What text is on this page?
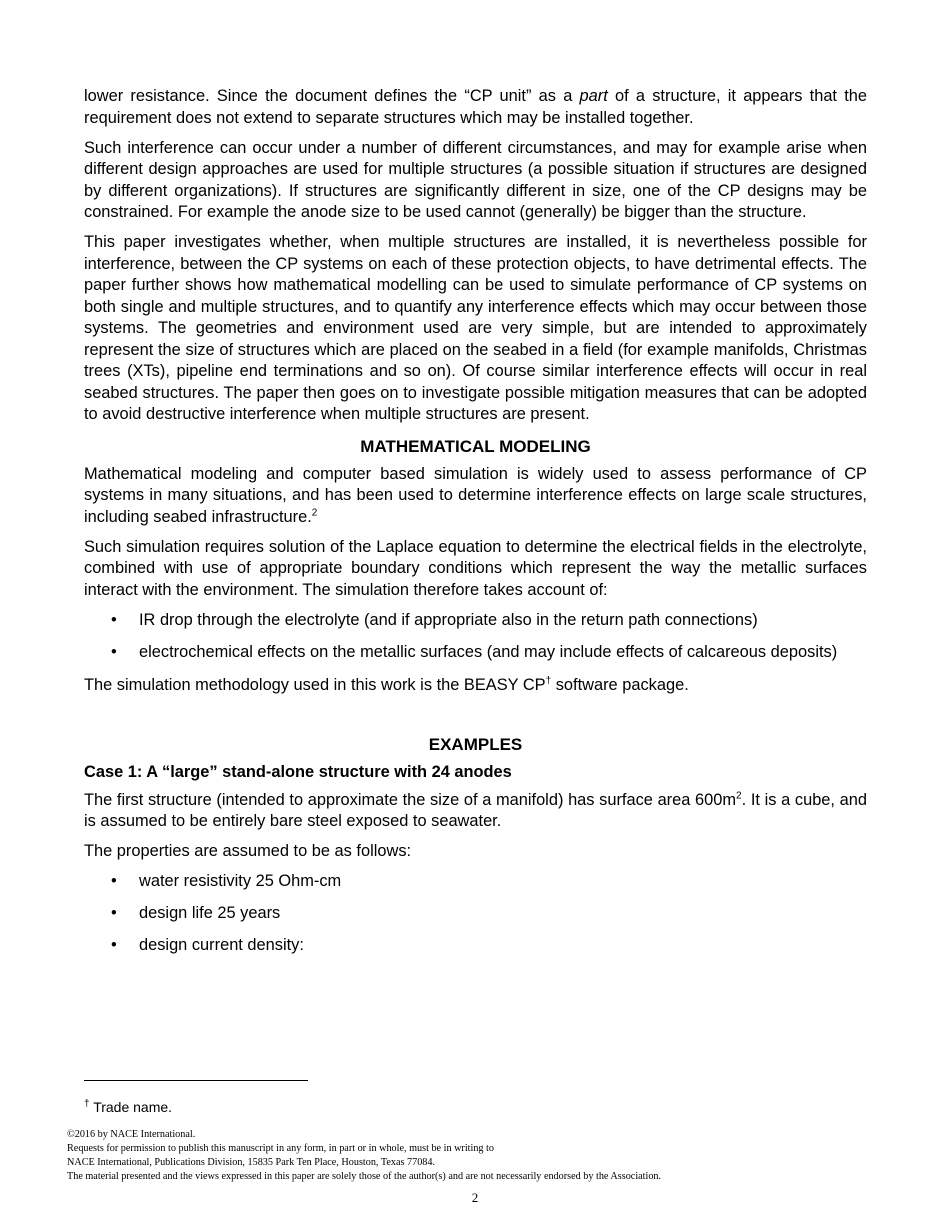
lower resistance. Since the document defines the “CP unit” as a part of a structure, it appears that the requirement does not extend to separate structures which may be installed together.

Such interference can occur under a number of different circumstances, and may for example arise when different design approaches are used for multiple structures (a possible situation if structures are designed by different organizations). If structures are significantly different in size, one of the CP designs may be constrained. For example the anode size to be used cannot (generally) be bigger than the structure.

This paper investigates whether, when multiple structures are installed, it is nevertheless possible for interference, between the CP systems on each of these protection objects, to have detrimental effects. The paper further shows how mathematical modelling can be used to simulate performance of CP systems on both single and multiple structures, and to quantify any interference effects which may occur between those systems. The geometries and environment used are very simple, but are intended to approximately represent the size of structures which are placed on the seabed in a field (for example manifolds, Christmas trees (XTs), pipeline end terminations and so on). Of course similar interference effects will occur in real seabed structures. The paper then goes on to investigate possible mitigation measures that can be adopted to avoid destructive interference when multiple structures are present.

MATHEMATICAL MODELING

Mathematical modeling and computer based simulation is widely used to assess performance of CP systems in many situations, and has been used to determine interference effects on large scale structures, including seabed infrastructure.$^2$

Such simulation requires solution of the Laplace equation to determine the electrical fields in the electrolyte, combined with use of appropriate boundary conditions which represent the way the metallic surfaces interact with the environment. The simulation therefore takes account of:

• IR drop through the electrolyte (and if appropriate also in the return path connections)
• electrochemical effects on the metallic surfaces (and may include effects of calcareous deposits)

The simulation methodology used in this work is the BEASY CP† software package.

EXAMPLES
Case 1: A “large” stand-alone structure with 24 anodes

The first structure (intended to approximate the size of a manifold) has surface area $600m^2$. It is a cube, and is assumed to be entirely bare steel exposed to seawater.

The properties are assumed to be as follows:

• water resistivity 25 Ohm-cm
• design life 25 years
• design current density:
† Trade name.
©2016 by NACE International.
Requests for permission to publish this manuscript in any form, in part or in whole, must be in writing to
NACE International, Publications Division, 15835 Park Ten Place, Houston, Texas 77084.
The material presented and the views expressed in this paper are solely those of the author(s) and are not necessarily endorsed by the Association.
2
